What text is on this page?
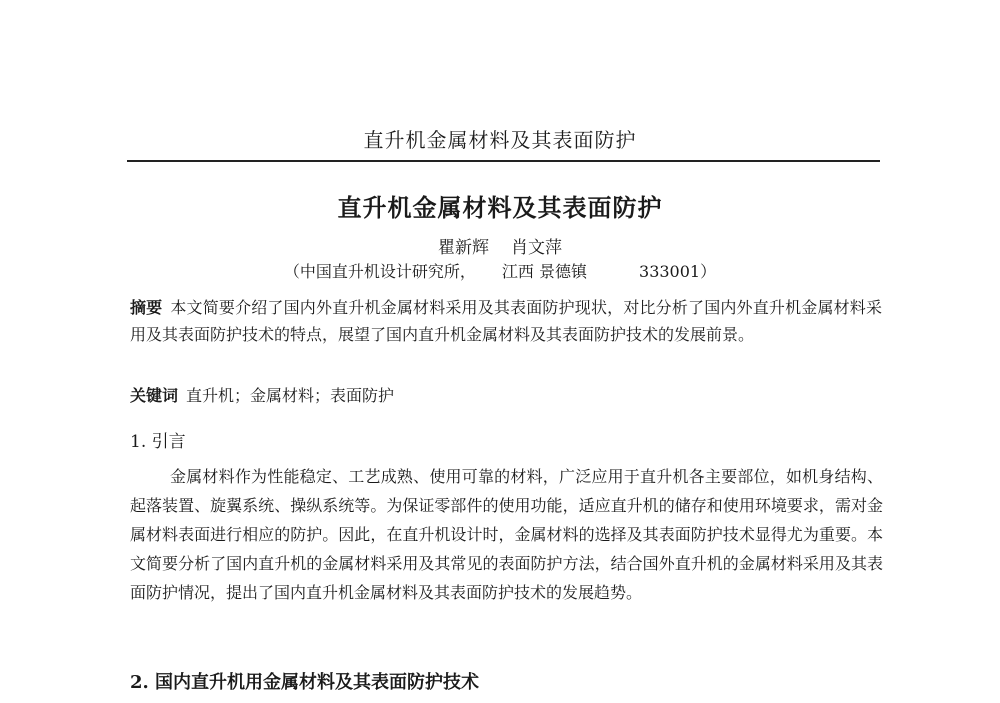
直升机金属材料及其表面防护
直升机金属材料及其表面防护
瞿新辉 肖文萍
（中国直升机设计研究所， 江西 景德镇	333001）
摘要 本文简要介绍了国内外直升机金属材料采用及其表面防护现状，对比分析了国内外直升机金属材料采用及其表面防护技术的特点，展望了国内直升机金属材料及其表面防护技术的发展前景。
关键词 直升机；金属材料；表面防护
1. 引言
金属材料作为性能稳定、工艺成熟、使用可靠的材料，广泛应用于直升机各主要部位，如机身结构、起落装置、旋翼系统、操纵系统等。为保证零部件的使用功能，适应直升机的储存和使用环境要求，需对金属材料表面进行相应的防护。因此，在直升机设计时，金属材料的选择及其表面防护技术显得尤为重要。本文简要分析了国内直升机的金属材料采用及其常见的表面防护方法，结合国外直升机的金属材料采用及其表面防护情况，提出了国内直升机金属材料及其表面防护技术的发展趋势。
2. 国内直升机用金属材料及其表面防护技术
